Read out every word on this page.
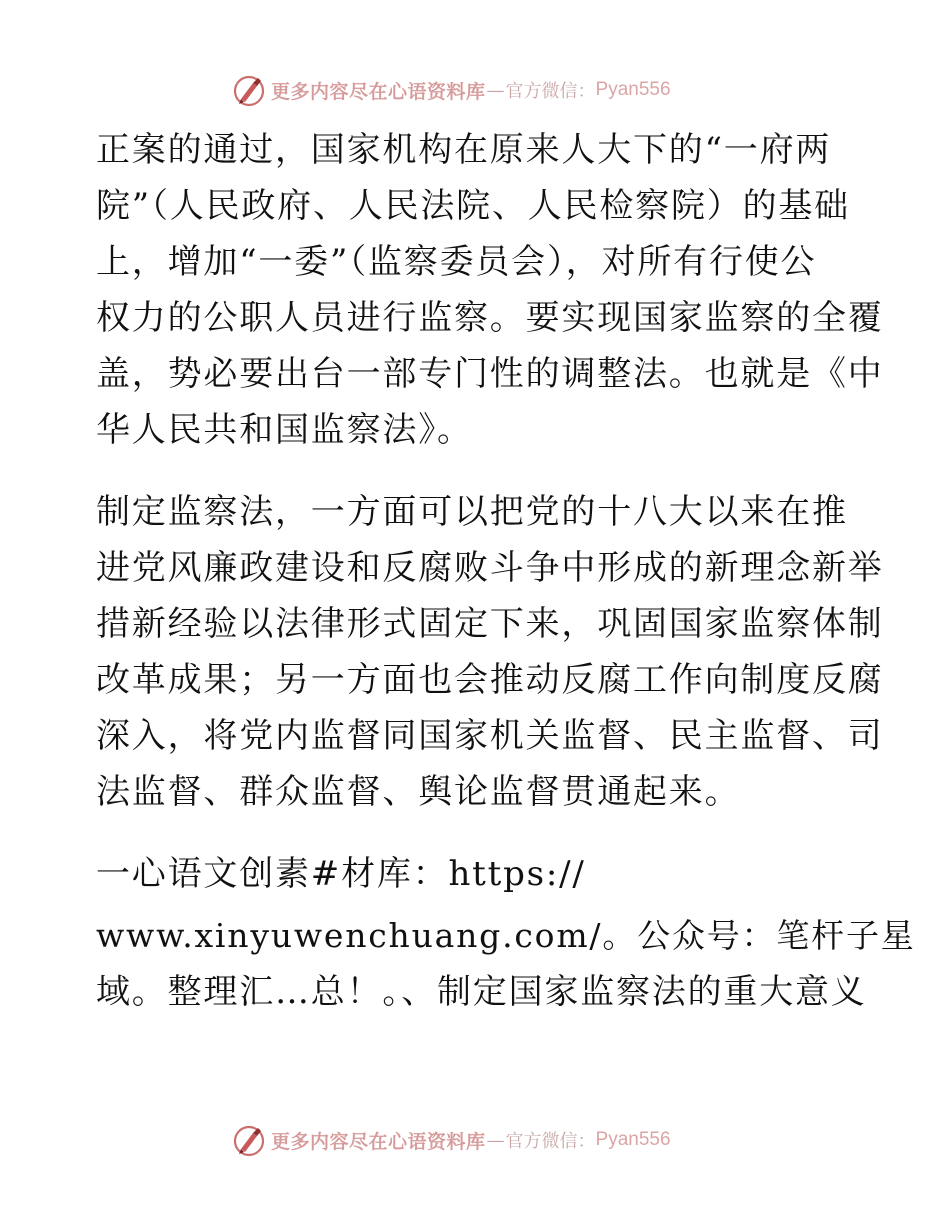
更多内容尽在心语资料库 — 官方微信： Pyan556

正案的通过，国家机构在原来人大下的“一府两

院”（人民政府、人民法院、人民检察院）的基础

上，增加“一委”（监察委员会），对所有行使公

权力的公职人员进行监察。要实现国家监察的全覆

盖，势必要出台一部专门性的调整法。也就是《中

华人民共和国监察法》。

制定监察法，一方面可以把党的十八大以来在推

进党风廉政建设和反腐败斗争中形成的新理念新举

措新经验以法律形式固定下来，巩固国家监察体制

改革成果；另一方面也会推动反腐工作向制度反腐

深入，将党内监督同国家机关监督、民主监督、司

法监督、群众监督、舆论监督贯通起来。

一心语文创素#材库：https://

www.xinyuwenchuang.com/。公众号：笔杆子星

域。整理汇…总！。、制定国家监察法的重大意义

更多内容尽在心语资料库 — 官方微信： Pyan556
